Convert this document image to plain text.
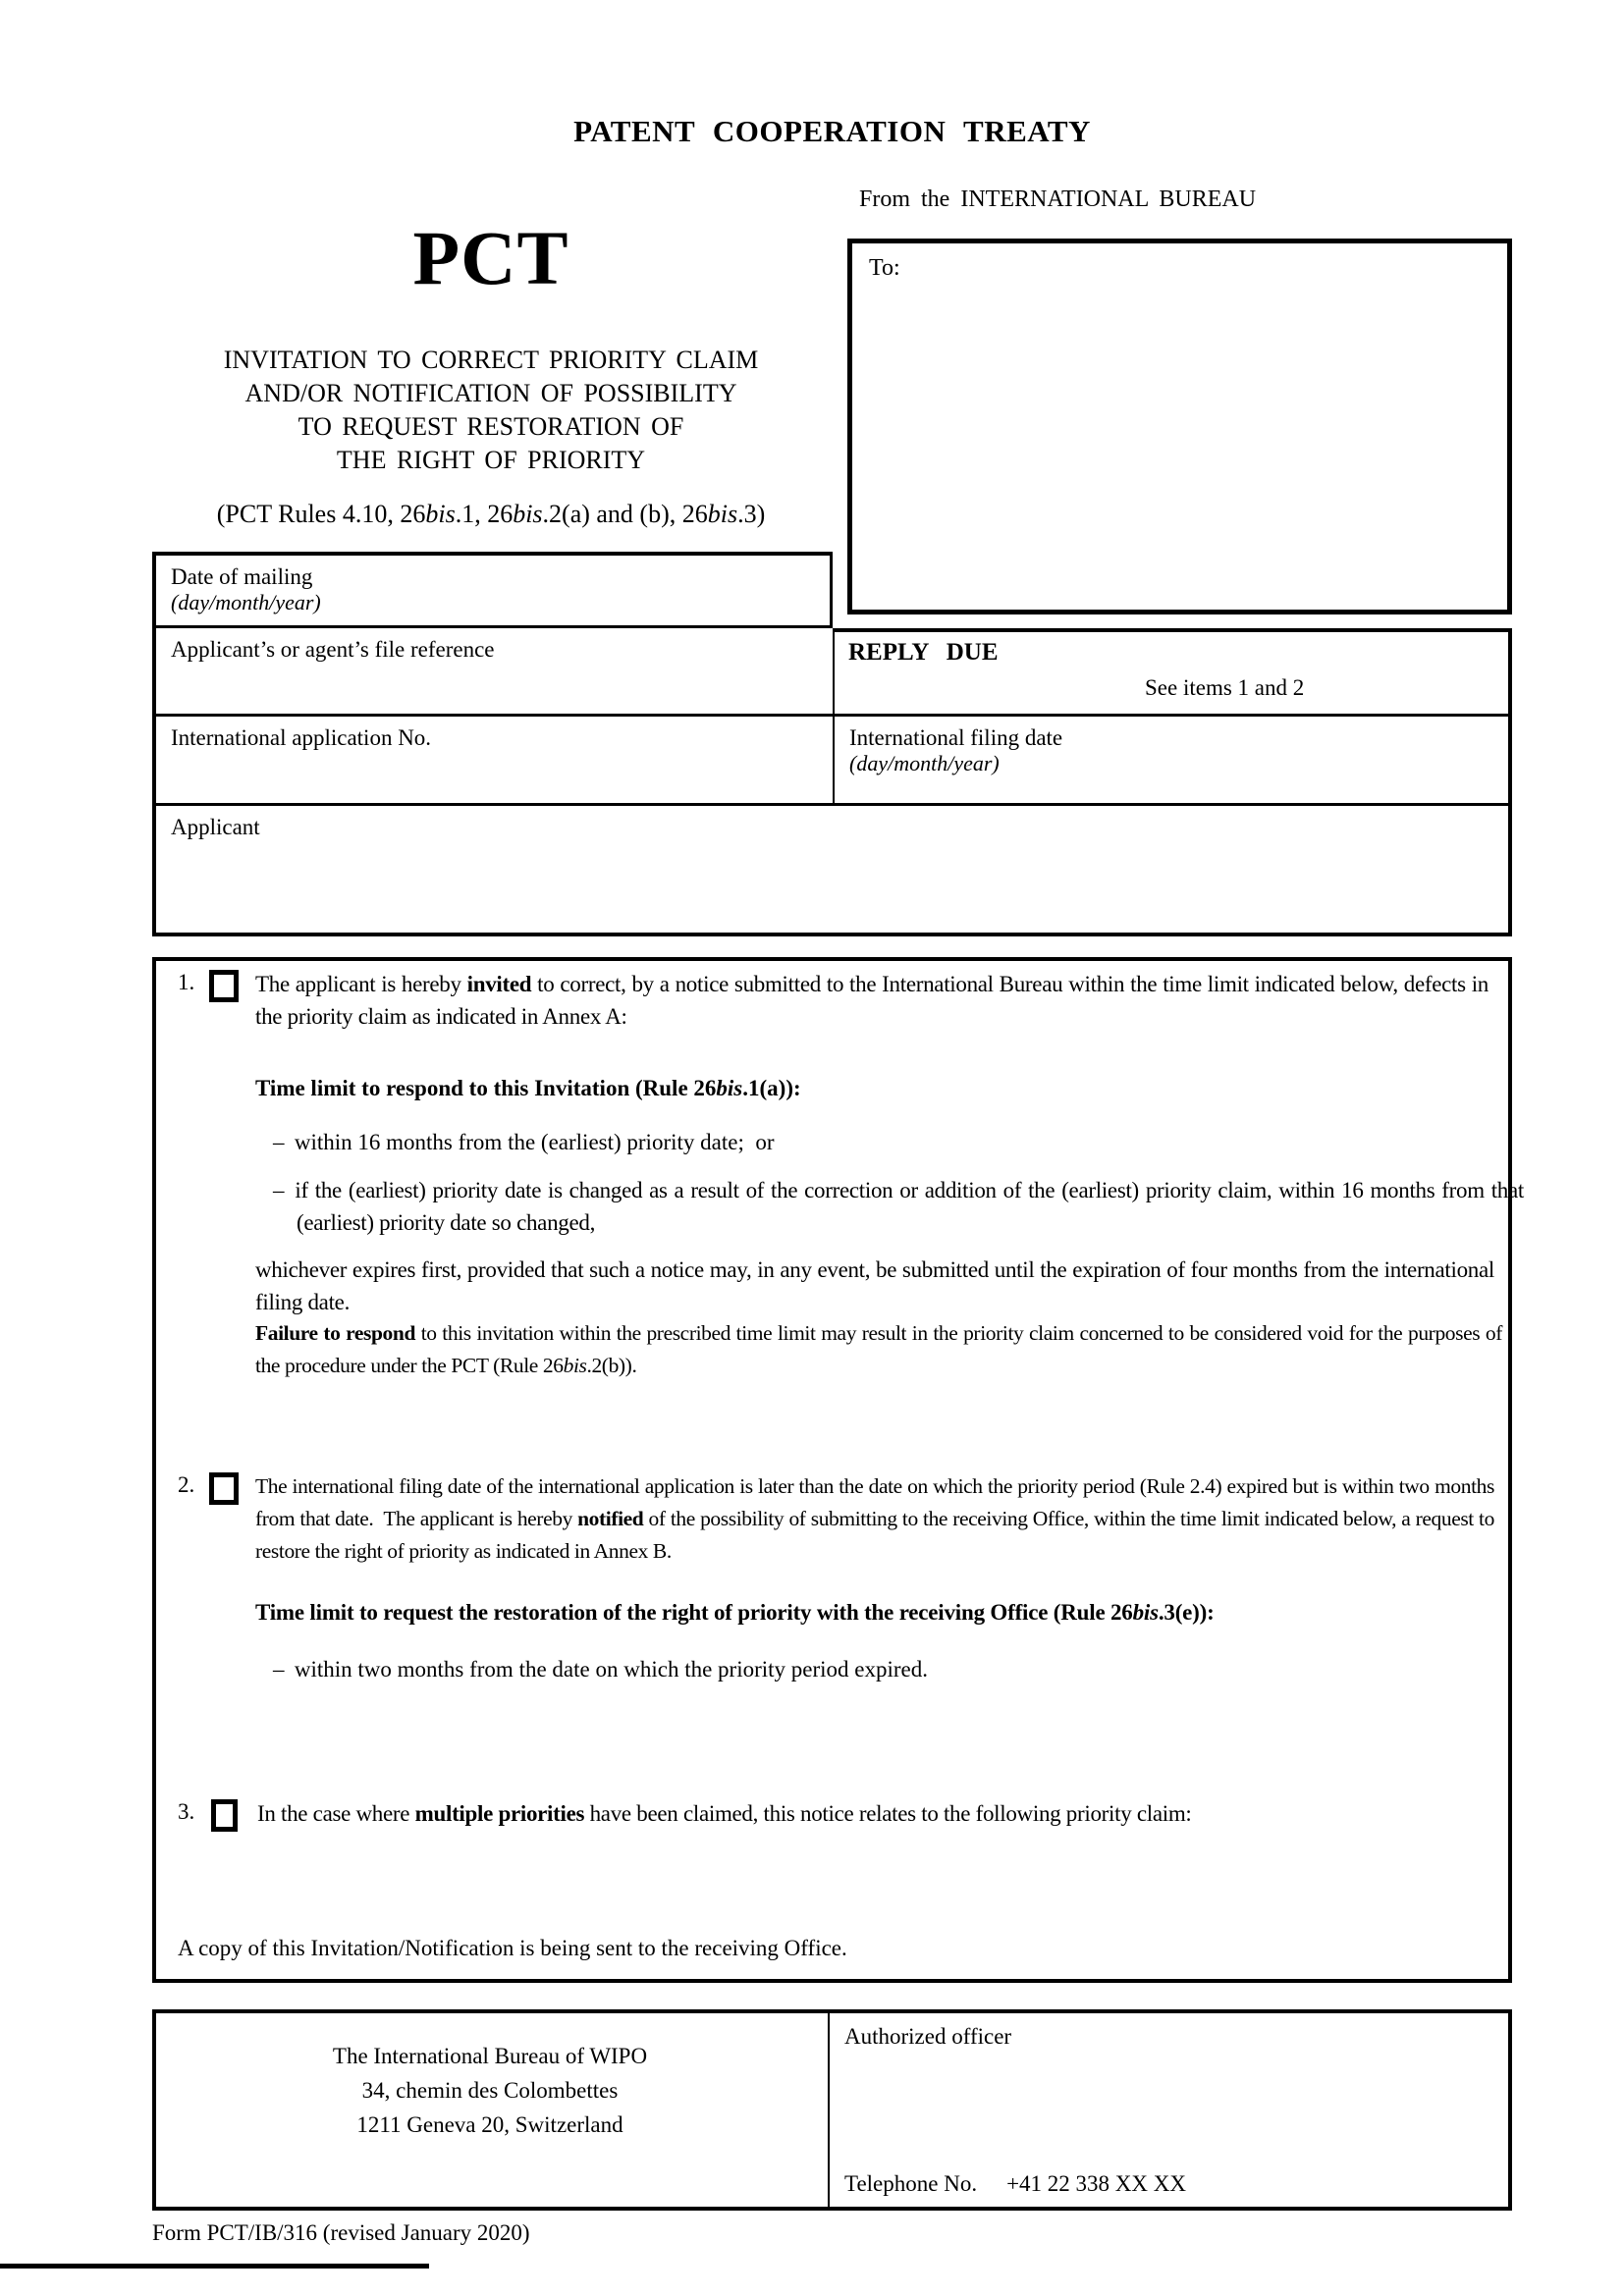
PATENT COOPERATION TREATY
From the INTERNATIONAL BUREAU
PCT	To:
INVITATION TO CORRECT PRIORITY CLAIM
AND/OR NOTIFICATION OF POSSIBILITY
TO REQUEST RESTORATION OF
THE RIGHT OF PRIORITY
(PCT Rules 4.10, 26bis.1, 26bis.2(a) and (b), 26bis.3)
Date of mailing
(day/month/year)
Applicant’s or agent’s file reference	REPLY DUE
See items 1 and 2
International application No.	International filing date
(day/month/year)
Applicant
1.	The applicant is hereby invited to correct, by a notice submitted to the International Bureau within the time limit indicated below, defects in the priority claim as indicated in Annex A:
Time limit to respond to this Invitation (Rule 26bis.1(a)):
–  within 16 months from the (earliest) priority date;  or
–  if the (earliest) priority date is changed as a result of the correction or addition of the (earliest) priority claim, within 16 months from that (earliest) priority date so changed,
whichever expires first, provided that such a notice may, in any event, be submitted until the expiration of four months from the international filing date.
Failure to respond to this invitation within the prescribed time limit may result in the priority claim concerned to be considered void for the purposes of the procedure under the PCT (Rule 26bis.2(b)).
2.	The international filing date of the international application is later than the date on which the priority period (Rule 2.4) expired but is within two months from that date.  The applicant is hereby notified of the possibility of submitting to the receiving Office, within the time limit indicated below, a request to restore the right of priority as indicated in Annex B.
Time limit to request the restoration of the right of priority with the receiving Office (Rule 26bis.3(e)):
–  within two months from the date on which the priority period expired.
3.	In the case where multiple priorities have been claimed, this notice relates to the following priority claim:
A copy of this Invitation/Notification is being sent to the receiving Office.
The International Bureau of WIPO
34, chemin des Colombettes
1211 Geneva 20, Switzerland
Authorized officer
Telephone No. +41 22 338 XX XX
Form PCT/IB/316 (revised January 2020)
